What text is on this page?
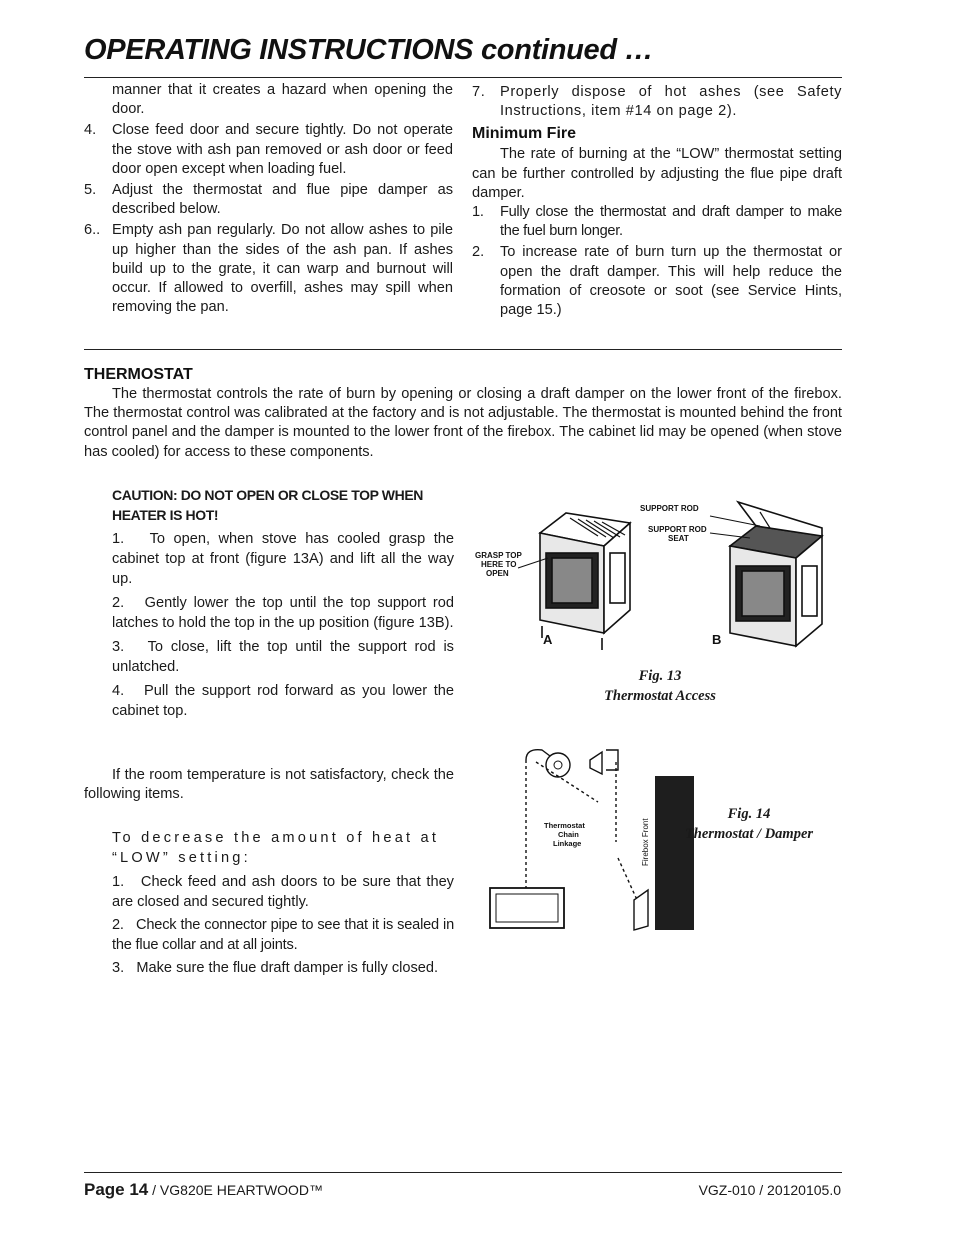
OPERATING INSTRUCTIONS continued …
manner that it creates a hazard when opening the door.
4. Close feed door and secure tightly. Do not operate the stove with ash pan removed or ash door or feed door open except when loading fuel.
5. Adjust the thermostat and flue pipe damper as described below.
6.. Empty ash pan regularly. Do not allow ashes to pile up higher than the sides of the ash pan. If ashes build up to the grate, it can warp and burnout will occur. If allowed to overfill, ashes may spill when removing the pan.
7. Properly dispose of hot ashes (see Safety Instructions, item #14 on page 2).
Minimum Fire

The rate of burning at the “LOW” thermostat setting can be further controlled by adjusting the flue pipe draft damper.

1. Fully close the thermostat and draft damper to make the fuel burn longer.
2. To increase rate of burn turn up the thermostat or open the draft damper. This will help reduce the formation of creosote or soot (see Service Hints, page 15.)
THERMOSTAT

The thermostat controls the rate of burn by opening or closing a draft damper on the lower front of the firebox. The thermostat control was calibrated at the factory and is not adjustable. The thermostat is mounted behind the front control panel and the damper is mounted to the lower front of the firebox. The cabinet lid may be opened (when stove has cooled) for access to these components.

CAUTION: DO NOT OPEN OR CLOSE TOP WHEN HEATER IS HOT!
1. To open, when stove has cooled grasp the cabinet top at front (figure 13A) and lift all the way up.
2. Gently lower the top until the top support rod latches to hold the top in the up position (figure 13B).
3. To close, lift the top until the support rod is unlatched.
4. Pull the support rod forward as you lower the cabinet top.

If the room temperature is not satisfactory, check the following items.

To decrease the amount of heat at “LOW” setting:
1. Check feed and ash doors to be sure that they are closed and secured tightly.
2. Check the connector pipe to see that it is sealed in the flue collar and at all joints.
3. Make sure the flue draft damper is fully closed.
SUPPORT ROD
SUPPORT ROD
SEAT
GRASP TOP
HERE TO
OPEN
A	B
Fig. 13
Thermostat Access
Thermostat
Chain
Linkage	Firebox Front
Fig. 14
Thermostat / Damper
Page 14 / VG820E HEARTWOOD™	VGZ-010 / 20120105.0
